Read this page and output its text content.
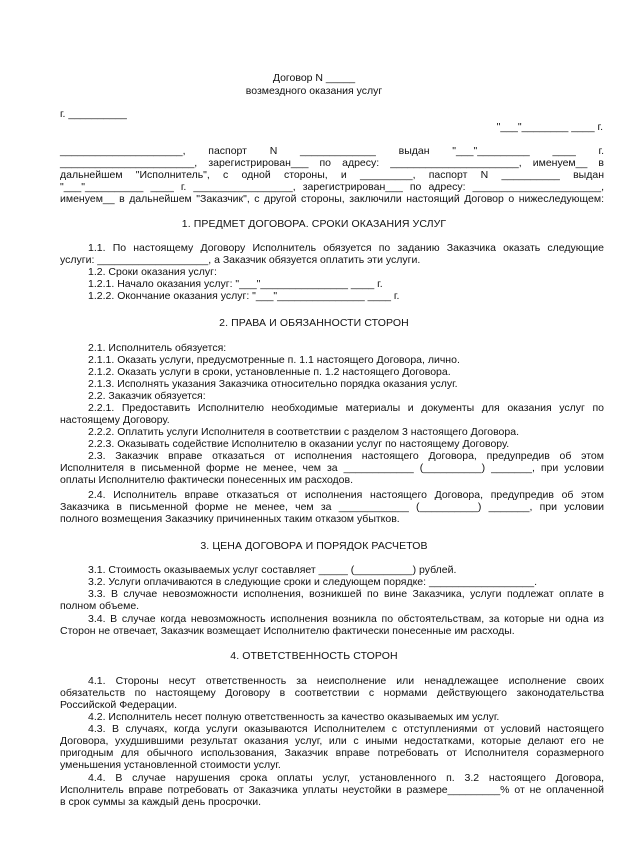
Договор N _____
возмездного оказания услуг
г. __________
"___"________ ____ г.
_____________________, паспорт N _____________ выдан "___"_________ ____ г.
_______________________, зарегистрирован___ по адресу: ______________________, именуем__ в
дальнейшем "Исполнитель", с одной стороны, и _________, паспорт N __________ выдан
"___"__________ ____ г. _________________, зарегистрирован___ по адресу: ______________________,
именуем__ в дальнейшем "Заказчик", с другой стороны, заключили настоящий Договор о нижеследующем:
1. ПРЕДМЕТ ДОГОВОРА. СРОКИ ОКАЗАНИЯ УСЛУГ
1.1. По настоящему Договору Исполнитель обязуется по заданию Заказчика оказать следующие
услуги: ___________________, а Заказчик обязуется оплатить эти услуги.
1.2. Сроки оказания услуг:
1.2.1. Начало оказания услуг: "___"_______________ ____ г.
1.2.2. Окончание оказания услуг: "___"_______________ ____ г.
2. ПРАВА И ОБЯЗАННОСТИ СТОРОН
2.1. Исполнитель обязуется:
2.1.1. Оказать услуги, предусмотренные п. 1.1 настоящего Договора, лично.
2.1.2. Оказать услуги в сроки, установленные п. 1.2 настоящего Договора.
2.1.3. Исполнять указания Заказчика относительно порядка оказания услуг.
2.2. Заказчик обязуется:
2.2.1. Предоставить Исполнителю необходимые материалы и документы для оказания услуг по
настоящему Договору.
2.2.2. Оплатить услуги Исполнителя в соответствии с разделом 3 настоящего Договора.
2.2.3. Оказывать содействие Исполнителю в оказании услуг по настоящему Договору.
2.3. Заказчик вправе отказаться от исполнения настоящего Договора, предупредив об этом
Исполнителя в письменной форме не менее, чем за ____________ (__________) _______, при условии
оплаты Исполнителю фактически понесенных им расходов.
2.4. Исполнитель вправе отказаться от исполнения настоящего Договора, предупредив об этом
Заказчика в письменной форме не менее, чем за ____________ (__________) _______, при условии
полного возмещения Заказчику причиненных таким отказом убытков.
3. ЦЕНА ДОГОВОРА И ПОРЯДОК РАСЧЕТОВ
3.1. Стоимость оказываемых услуг составляет _____ (__________) рублей.
3.2. Услуги оплачиваются в следующие сроки и следующем порядке: __________________.
3.3. В случае невозможности исполнения, возникшей по вине Заказчика, услуги подлежат оплате в
полном объеме.
3.4. В случае когда невозможность исполнения возникла по обстоятельствам, за которые ни одна из
Сторон не отвечает, Заказчик возмещает Исполнителю фактически понесенные им расходы.
4. ОТВЕТСТВЕННОСТЬ СТОРОН
4.1. Стороны несут ответственность за неисполнение или ненадлежащее исполнение своих
обязательств по настоящему Договору в соответствии с нормами действующего законодательства
Российской Федерации.
4.2. Исполнитель несет полную ответственность за качество оказываемых им услуг.
4.3. В случаях, когда услуги оказываются Исполнителем с отступлениями от условий настоящего
Договора, ухудшившими результат оказания услуг, или с иными недостатками, которые делают его не
пригодным для обычного использования, Заказчик вправе потребовать от Исполнителя соразмерного
уменьшения установленной стоимости услуг.
4.4. В случае нарушения срока оплаты услуг, установленного п. 3.2 настоящего Договора,
Исполнитель вправе потребовать от Заказчика уплаты неустойки в размере_________% от не оплаченной
в срок суммы за каждый день просрочки.
